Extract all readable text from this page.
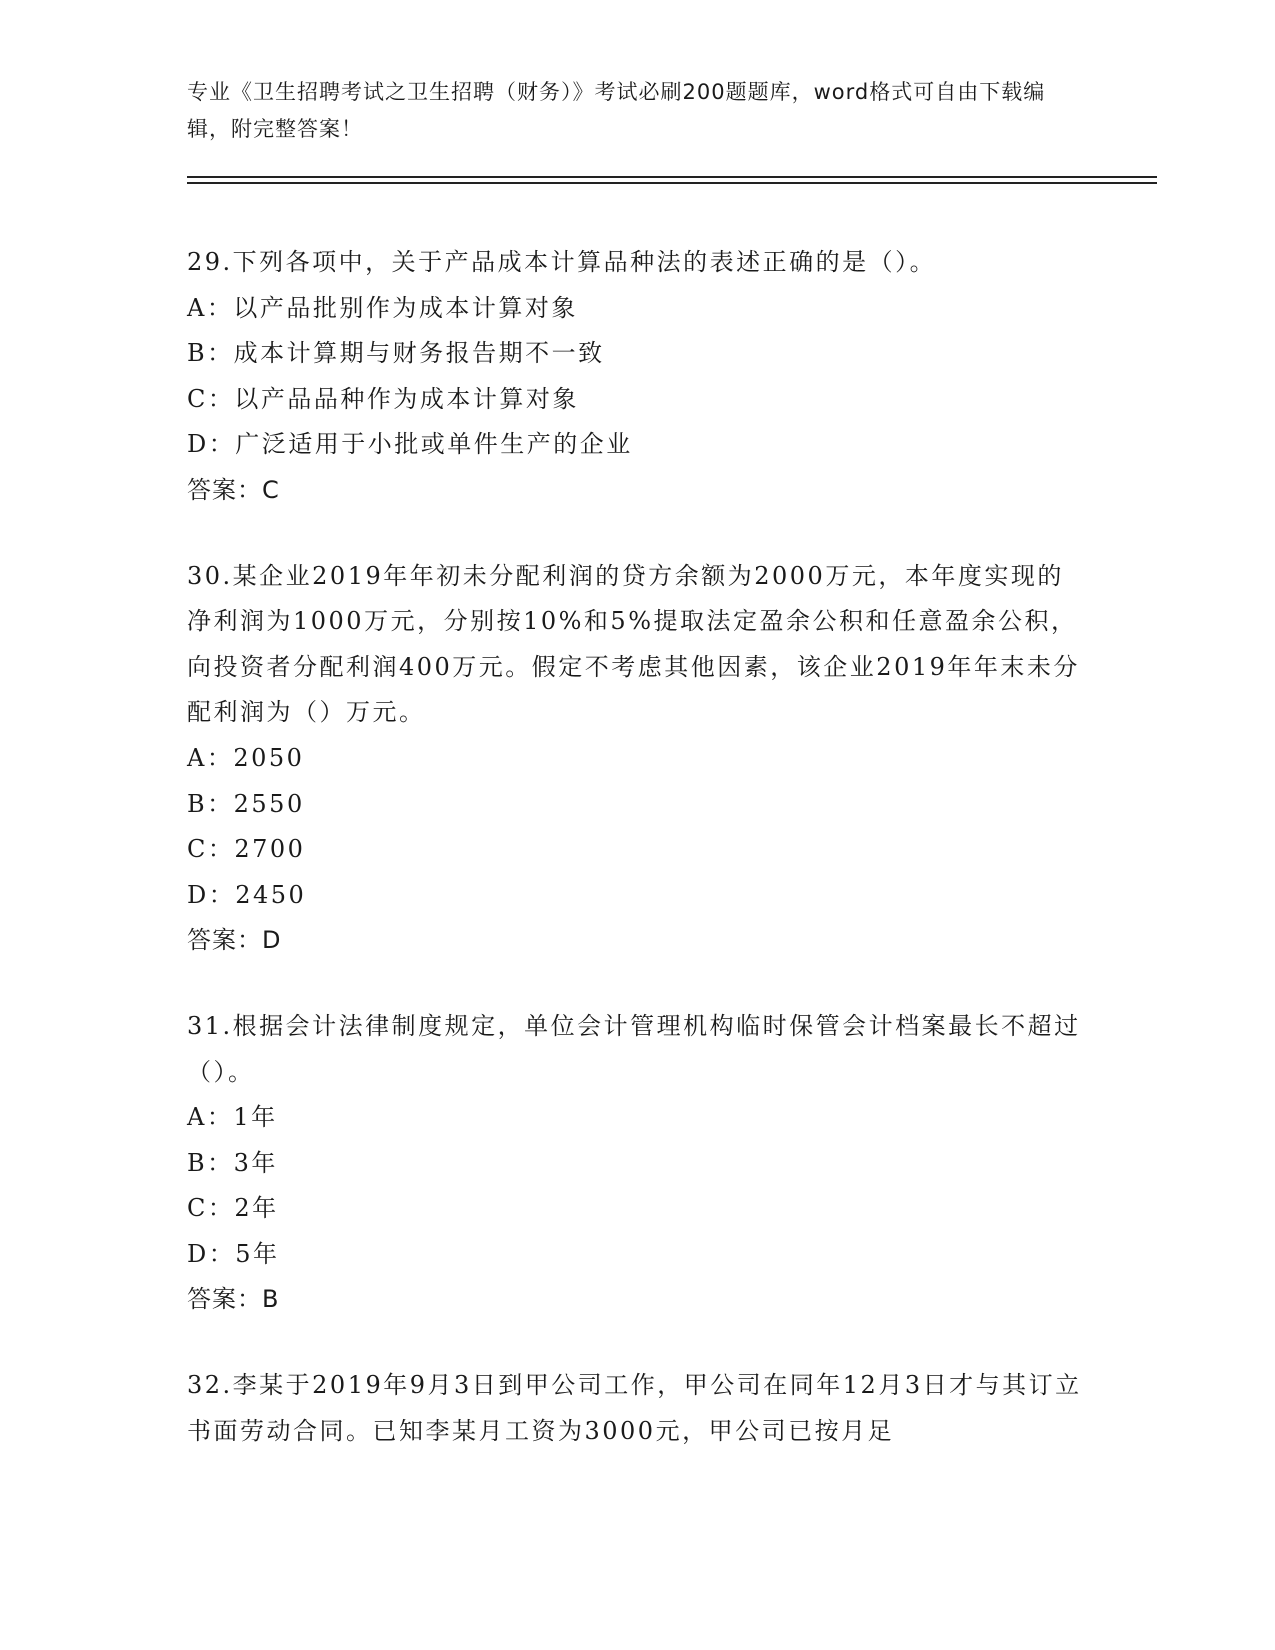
专业《卫生招聘考试之卫生招聘（财务）》考试必刷200题题库，word格式可自由下载编辑，附完整答案！
29.下列各项中，关于产品成本计算品种法的表述正确的是（）。
A：以产品批别作为成本计算对象
B：成本计算期与财务报告期不一致
C：以产品品种作为成本计算对象
D：广泛适用于小批或单件生产的企业
答案：C
30.某企业2019年年初未分配利润的贷方余额为2000万元，本年度实现的净利润为1000万元，分别按10%和5%提取法定盈余公积和任意盈余公积，向投资者分配利润400万元。假定不考虑其他因素，该企业2019年年末未分配利润为（）万元。
A：2050
B：2550
C：2700
D：2450
答案：D
31.根据会计法律制度规定，单位会计管理机构临时保管会计档案最长不超过（）。
A：1年
B：3年
C：2年
D：5年
答案：B
32.李某于2019年9月3日到甲公司工作，甲公司在同年12月3日才与其订立书面劳动合同。已知李某月工资为3000元，甲公司已按月足
